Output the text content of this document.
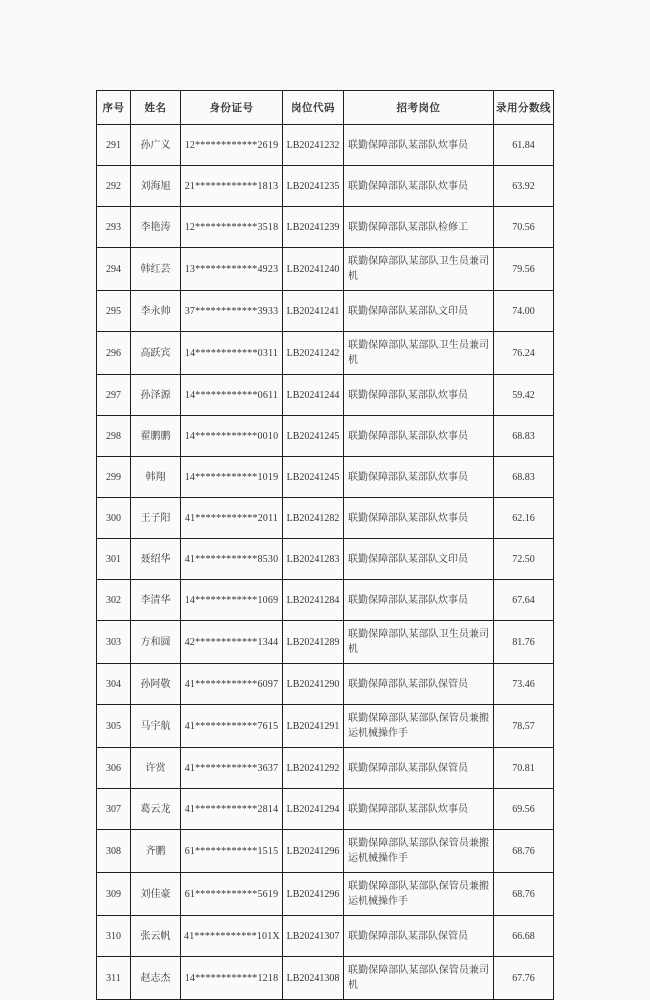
序号	姓名	身份证号	岗位代码	招考岗位	录用分数线
291	孙广义	12************2619	LB20241232	联勤保障部队某部队炊事员	61.84
292	刘海旭	21************1813	LB20241235	联勤保障部队某部队炊事员	63.92
293	李艳涛	12************3518	LB20241239	联勤保障部队某部队检修工	70.56
294	韩红芸	13************4923	LB20241240	联勤保障部队某部队卫生员兼司机	79.56
295	李永帅	37************3933	LB20241241	联勤保障部队某部队文印员	74.00
296	高跃宾	14************0311	LB20241242	联勤保障部队某部队卫生员兼司机	76.24
297	孙泽源	14************0611	LB20241244	联勤保障部队某部队炊事员	59.42
298	翟鹏鹏	14************0010	LB20241245	联勤保障部队某部队炊事员	68.83
299	韩翔	14************1019	LB20241245	联勤保障部队某部队炊事员	68.83
300	王子阳	41************2011	LB20241282	联勤保障部队某部队炊事员	62.16
301	聂绍华	41************8530	LB20241283	联勤保障部队某部队文印员	72.50
302	李清华	14************1069	LB20241284	联勤保障部队某部队炊事员	67.64
303	方和圆	42************1344	LB20241289	联勤保障部队某部队卫生员兼司机	81.76
304	孙阿敬	41************6097	LB20241290	联勤保障部队某部队保管员	73.46
305	马宇航	41************7615	LB20241291	联勤保障部队某部队保管员兼搬运机械操作手	78.57
306	许赏	41************3637	LB20241292	联勤保障部队某部队保管员	70.81
307	葛云龙	41************2814	LB20241294	联勤保障部队某部队炊事员	69.56
308	齐鹏	61************1515	LB20241296	联勤保障部队某部队保管员兼搬运机械操作手	68.76
309	刘佳豪	61************5619	LB20241296	联勤保障部队某部队保管员兼搬运机械操作手	68.76
310	张云帆	41************101X	LB20241307	联勤保障部队某部队保管员	66.68
311	赵志杰	14************1218	LB20241308	联勤保障部队某部队保管员兼司机	67.76
